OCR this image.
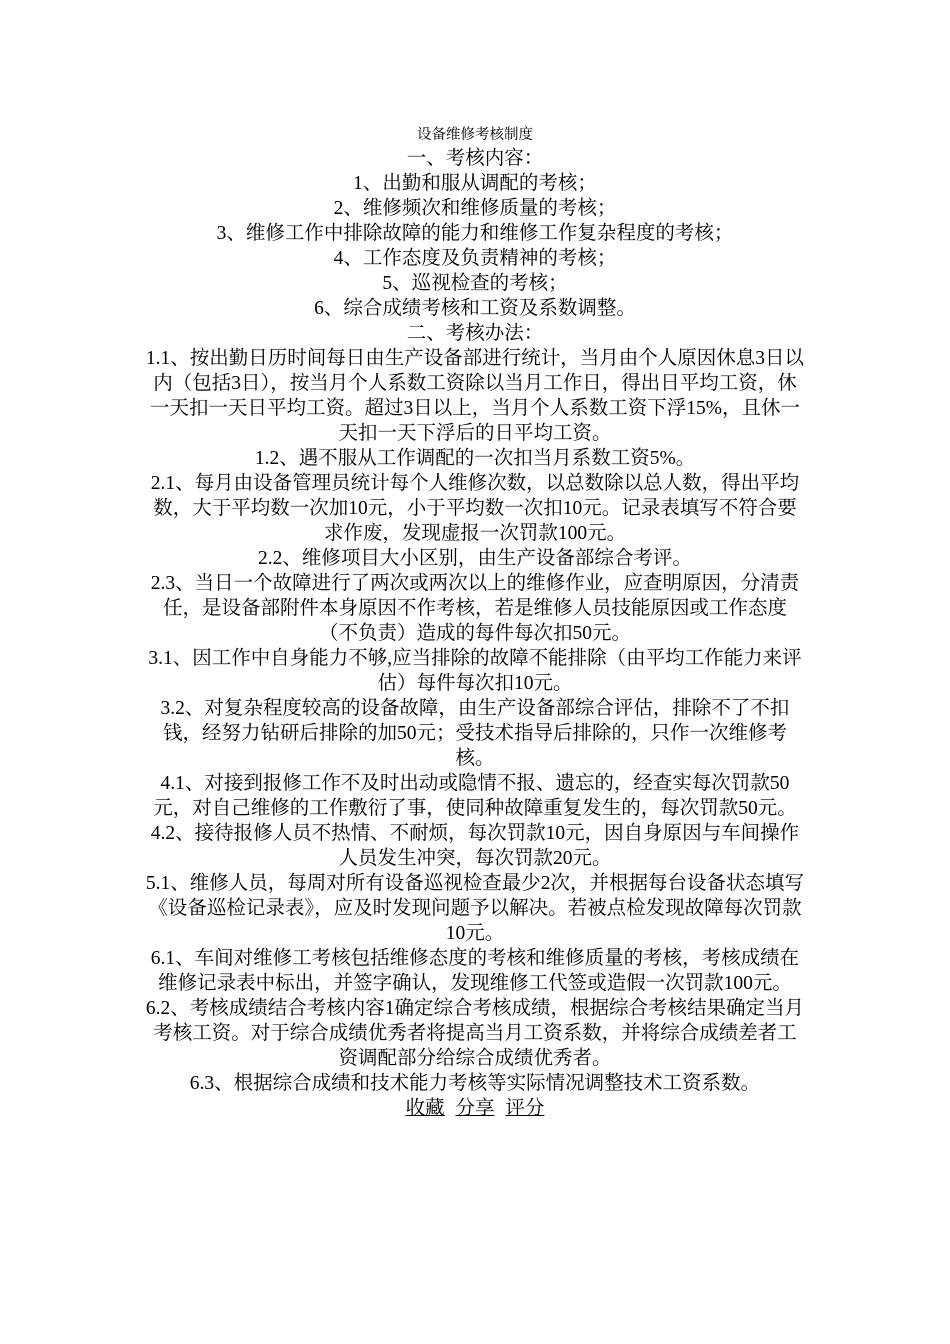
设备维修考核制度

一、考核内容：

1、出勤和服从调配的考核；

2、维修频次和维修质量的考核；

3、维修工作中排除故障的能力和维修工作复杂程度的考核；

4、工作态度及负责精神的考核；

5、巡视检查的考核；

6、综合成绩考核和工资及系数调整。

二、考核办法：

1.1、按出勤日历时间每日由生产设备部进行统计，当月由个人原因休息3日以内（包括3日），按当月个人系数工资除以当月工作日，得出日平均工资，休一天扣一天日平均工资。超过3日以上，当月个人系数工资下浮15%，且休一天扣一天下浮后的日平均工资。

1.2、遇不服从工作调配的一次扣当月系数工资5%。

2.1、每月由设备管理员统计每个人维修次数，以总数除以总人数，得出平均数，大于平均数一次加10元，小于平均数一次扣10元。记录表填写不符合要求作废，发现虚报一次罚款100元。

2.2、维修项目大小区别，由生产设备部综合考评。

2.3、当日一个故障进行了两次或两次以上的维修作业，应查明原因，分清责任，是设备部附件本身原因不作考核，若是维修人员技能原因或工作态度（不负责）造成的每件每次扣50元。

3.1、因工作中自身能力不够,应当排除的故障不能排除（由平均工作能力来评估）每件每次扣10元。

3.2、对复杂程度较高的设备故障，由生产设备部综合评估，排除不了不扣钱，经努力钻研后排除的加50元；受技术指导后排除的，只作一次维修考核。

4.1、对接到报修工作不及时出动或隐情不报、遗忘的，经查实每次罚款50元，对自己维修的工作敷衍了事，使同种故障重复发生的，每次罚款50元。

4.2、接待报修人员不热情、不耐烦，每次罚款10元，因自身原因与车间操作人员发生冲突，每次罚款20元。

5.1、维修人员，每周对所有设备巡视检查最少2次，并根据每台设备状态填写《设备巡检记录表》，应及时发现问题予以解决。若被点检发现故障每次罚款10元。

6.1、车间对维修工考核包括维修态度的考核和维修质量的考核，考核成绩在维修记录表中标出，并签字确认，发现维修工代签或造假一次罚款100元。

6.2、考核成绩结合考核内容1确定综合考核成绩，根据综合考核结果确定当月考核工资。对于综合成绩优秀者将提高当月工资系数，并将综合成绩差者工资调配部分给综合成绩优秀者。

6.3、根据综合成绩和技术能力考核等实际情况调整技术工资系数。

收藏 分享 评分
